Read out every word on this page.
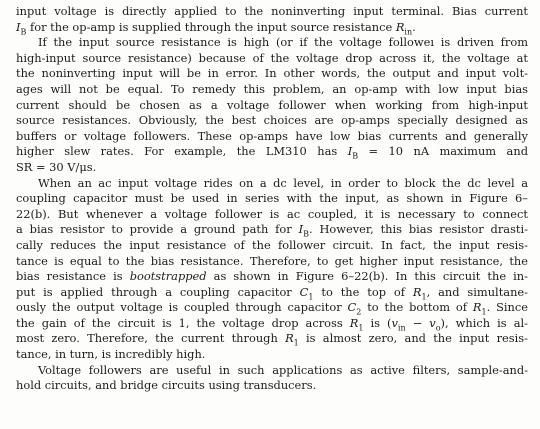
input voltage is directly applied to the noninverting input terminal. Bias current
$I_B$ for the op-amp is supplied through the input source resistance $R_{in}$.

If the input source resistance is high (or if the voltage followeı is driven from
high-input source resistance) because of the voltage drop across it, the voltage at
the noninverting input will be in error. In other words, the output and input volt-
ages will not be equal. To remedy this problem, an op-amp with low input bias
current should be chosen as a voltage follower when working from high-input
source resistances. Obviously, the best choices are op-amps specially designed as
buffers or voltage followers. These op-amps have low bias currents and generally
higher slew rates. For example, the LM310 has $I_B = 10$ nA maximum and
SR = 30 V/μs.

When an ac input voltage rides on a dc level, in order to block the dc level a
coupling capacitor must be used in series with the input, as shown in Figure 6–
22(b). But whenever a voltage follower is ac coupled, it is necessary to connect
a bias resistor to provide a ground path for $I_B$. However, this bias resistor drasti-
cally reduces the input resistance of the follower circuit. In fact, the input resis-
tance is equal to the bias resistance. Therefore, to get higher input resistance, the
bias resistance is bootstrapped as shown in Figure 6–22(b). In this circuit the in-
put is applied through a coupling capacitor $C_1$ to the top of $R_1$, and simultane-
ously the output voltage is coupled through capacitor $C_2$ to the bottom of $R_1$. Since
the gain of the circuit is 1, the voltage drop across $R_1$ is $(v_{in} - v_o)$, which is al-
most zero. Therefore, the current through $R_1$ is almost zero, and the input resis-
tance, in turn, is incredibly high.

Voltage followers are useful in such applications as active filters, sample-and-
hold circuits, and bridge circuits using transducers.
